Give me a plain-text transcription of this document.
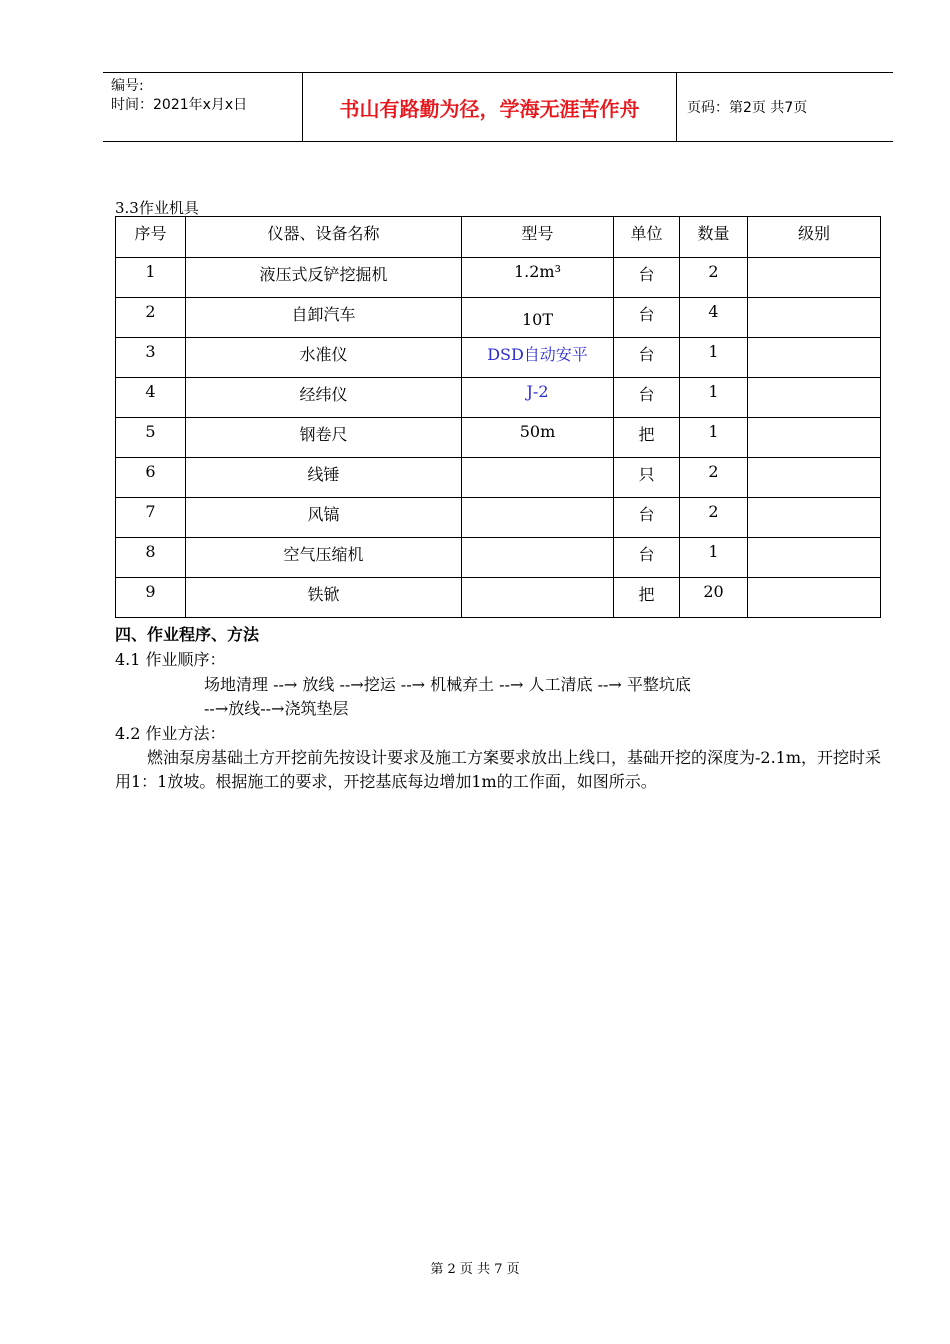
编号:
时间：2021年x月x日	书山有路勤为径，学海无涯苦作舟	页码：第2页 共7页
3.3作业机具
序号	仪器、设备名称	型号	单位	数量	级别
1	液压式反铲挖掘机	1.2m³	台	2	
2	自卸汽车	10T	台	4	
3	水准仪	DSD自动安平	台	1	
4	经纬仪	J-2	台	1	
5	钢卷尺	50m	把	1	
6	线锤		只	2	
7	风镐		台	2	
8	空气压缩机		台	1	
9	铁锨		把	20	
四、作业程序、方法
4.1 作业顺序：
场地清理 --→ 放线 --→挖运 --→ 机械弃土 --→ 人工清底 --→ 平整坑底
--→放线--→浇筑垫层
4.2 作业方法：
燃油泵房基础土方开挖前先按设计要求及施工方案要求放出上线口，基础开挖的深度为-2.1m，开挖时采用1：1放坡。根据施工的要求，开挖基底每边增加1m的工作面，如图所示。
第 2 页 共 7 页
